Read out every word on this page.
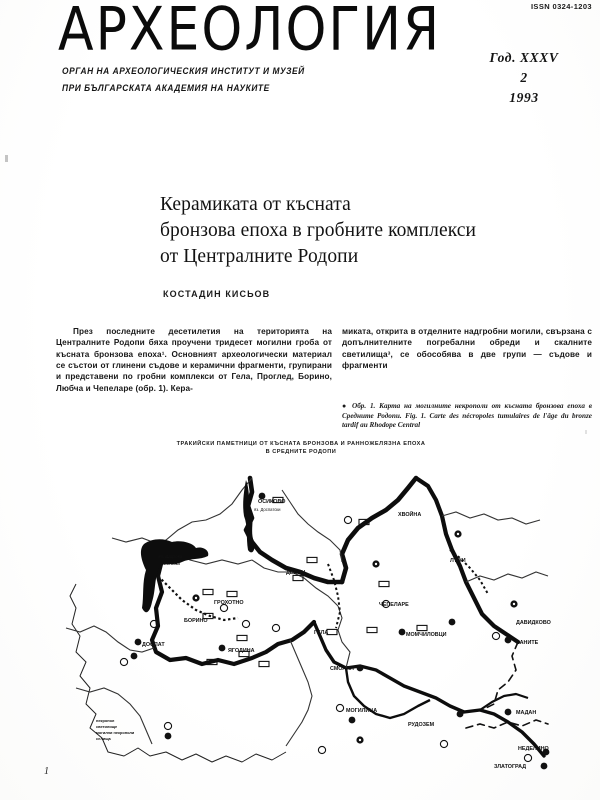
ISSN 0324-1203
АРХЕОЛОГИЯ
ОРГАН НА АРХЕОЛОГИЧЕСКИЯ ИНСТИТУТ И МУЗЕЙ
ПРИ БЪЛГАРСКАТА АКАДЕМИЯ НА НАУКИТЕ
Год. XXXV
2
1993
Керамиката от късната
бронзова епоха в гробните комплекси
от Централните Родопи
КОСТАДИН КИСЬОВ

През последните десетилетия на територията на Централните Родопи бяха проучени тридесет могилни гроба от късната бронзова епоха¹. Основният археологически материал се състои от глинени съдове и керамични фрагменти, групирани и представени по гробни комплекси от Гела, Проглед, Борино, Любча и Чепеларе (обр. 1). Кера-

миката, открита в отделните надгробни могили, свързана с допълнителните погребални обреди и скалните светилища³, се обособява в две групи — съдове и фрагменти

● Обр. 1. Карта на могилните некрополи от късната бронзова епоха в Средните Родопи. Fig. 1. Carte des nécropoles tumulaires de l'âge du bronze tardif au Rhodope Central
ТРАКИЙСКИ ПАМЕТНИЦИ ОТ КЪСНАТА БРОНЗОВА И РАННОЖЕЛЯЗНА ЕПОХА
В СРЕДНИТЕ РОДОПИ
ОСИКОВО
яз. Доспатски
ХВОЙНА
яз. Широка
поляна
ДЕВИН
ЛЪКИ
ГРОХОТНО	ЧЕПЕЛАРЕ
БОРИНО	ДАВИДКОВО
ГЕЛА	МОМЧИЛОВЦИ
ДОСПАТ
ЯГОДИНА
БАНИТЕ
СМОЛЯН
МОГИЛИЦА
РУДОЗЕМ
МАДАН
НЕДЕЛИНО
ЗЛАТОГРАД
некропол
светилище
могилни некрополи
селища
1
